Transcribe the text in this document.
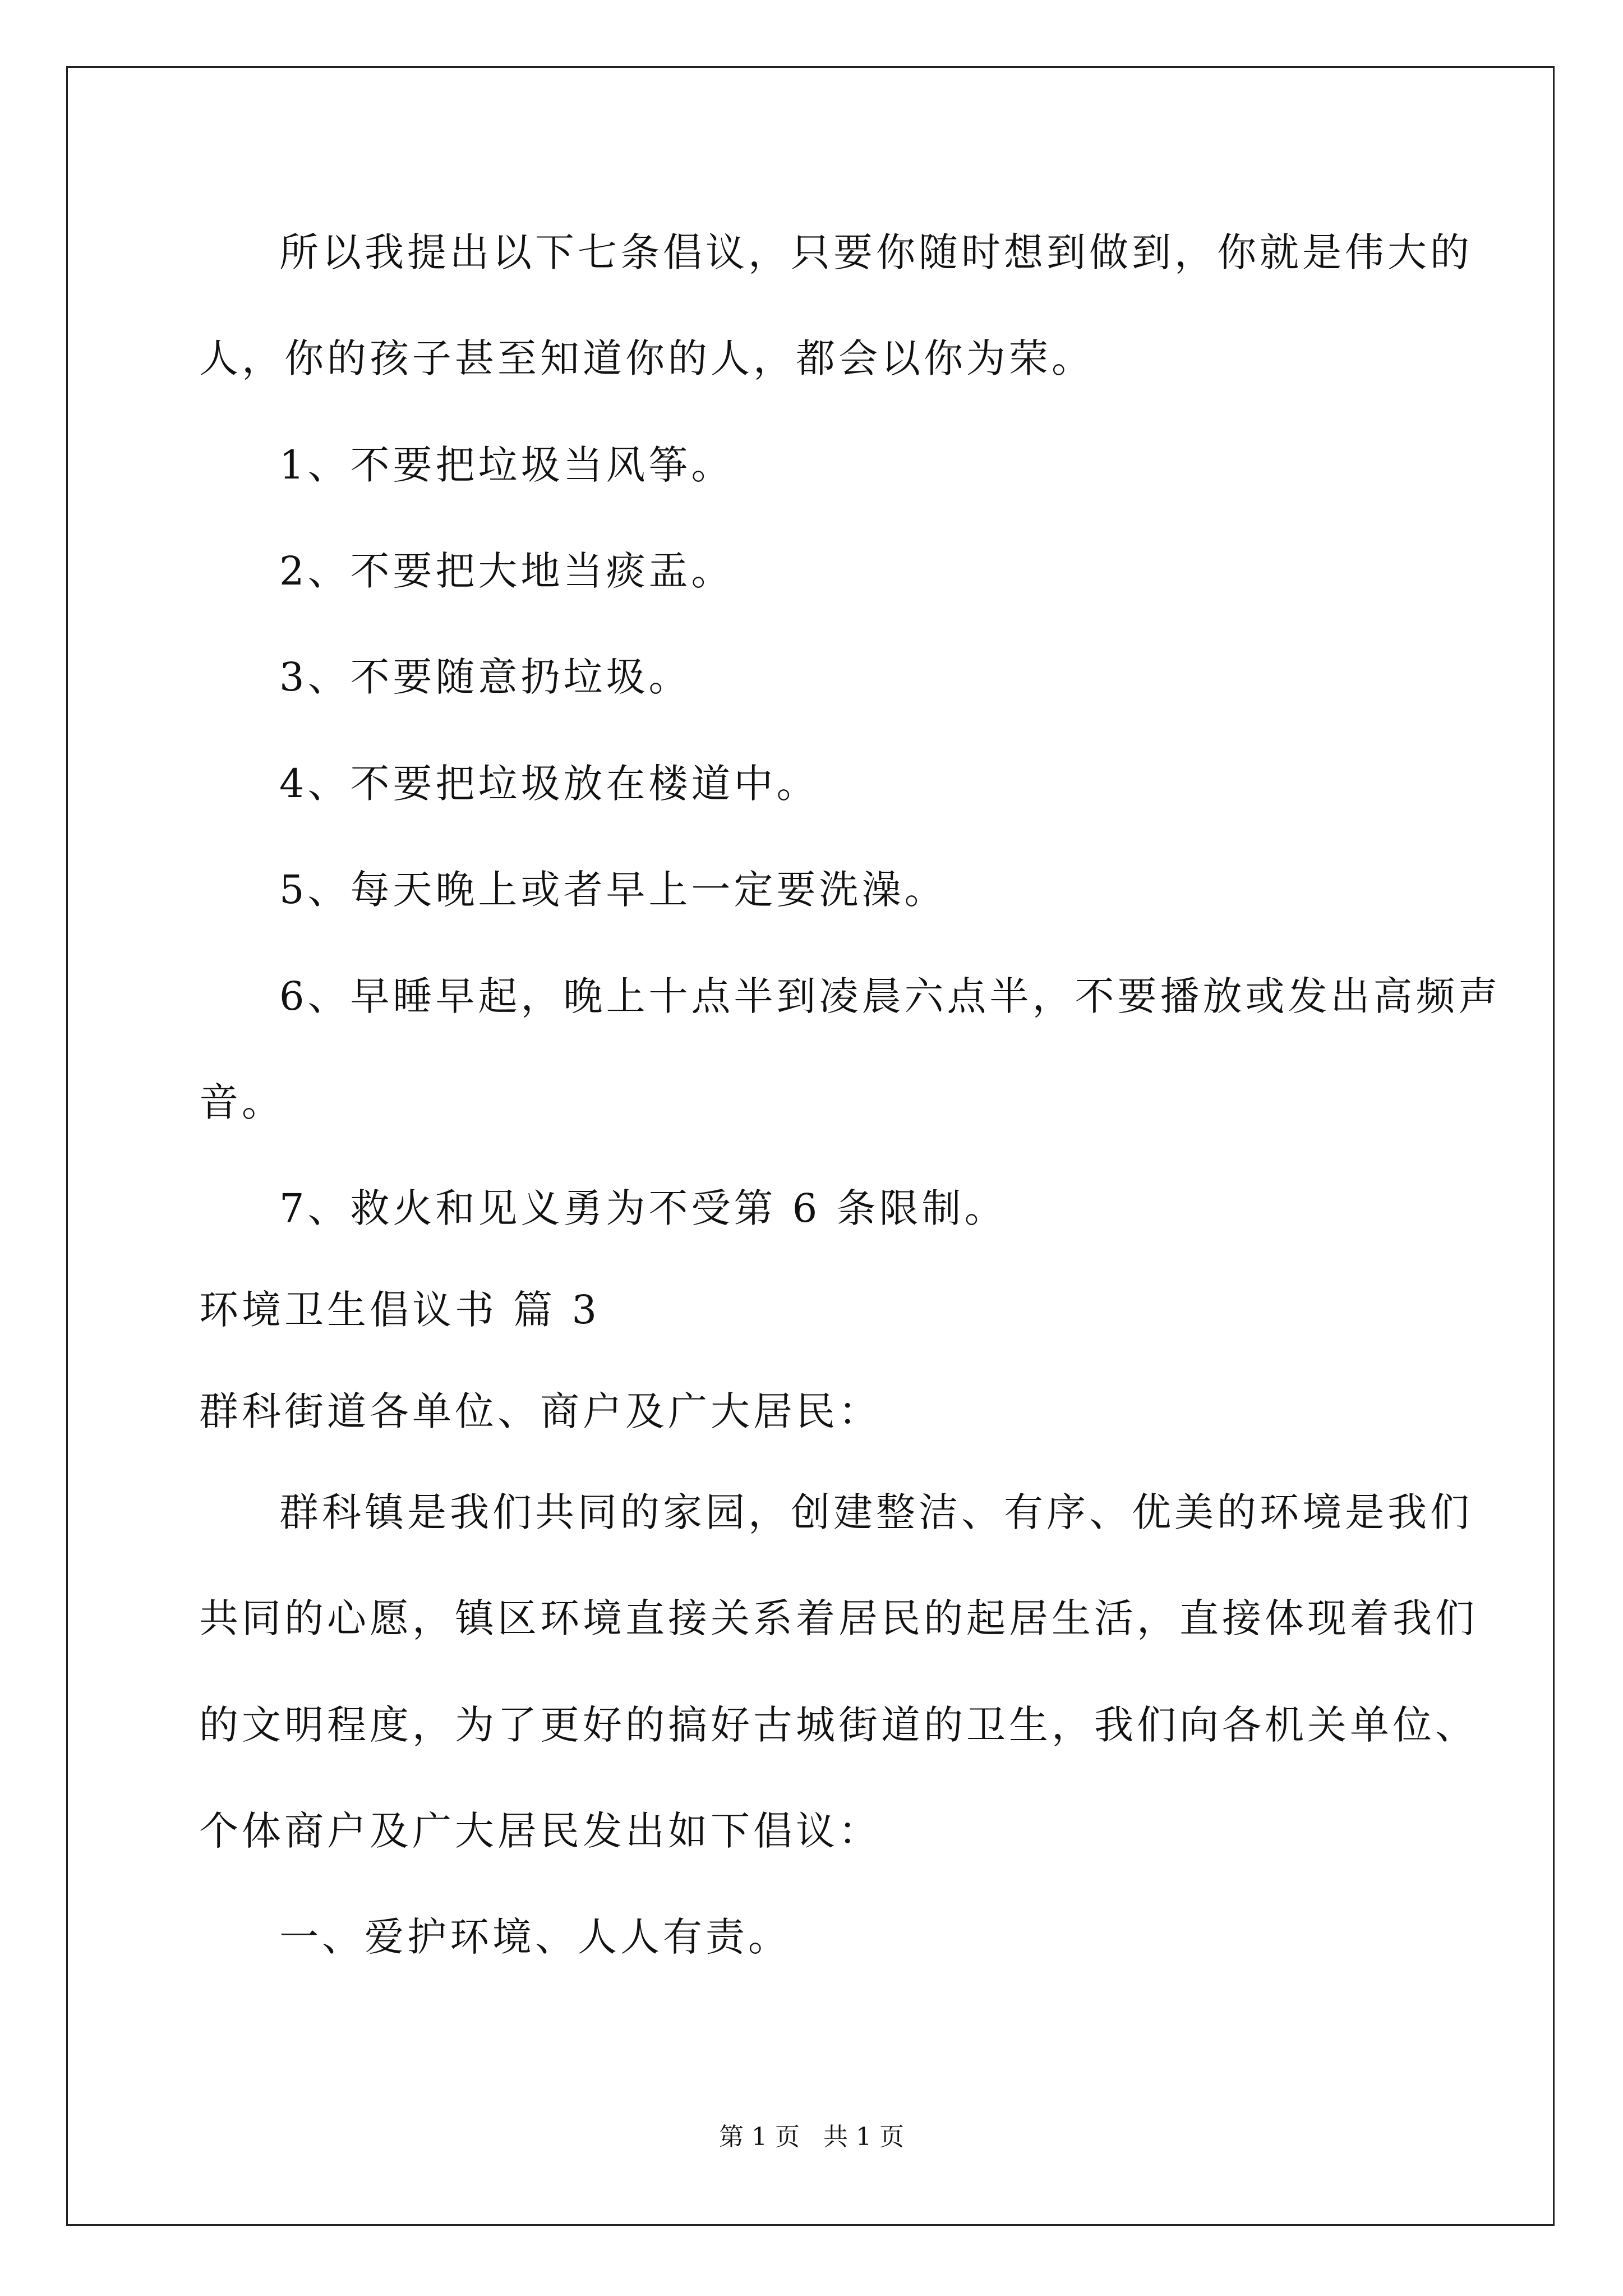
所以我提出以下七条倡议，只要你随时想到做到，你就是伟大的
人，你的孩子甚至知道你的人，都会以你为荣。
1、不要把垃圾当风筝。
2、不要把大地当痰盂。
3、不要随意扔垃圾。
4、不要把垃圾放在楼道中。
5、每天晚上或者早上一定要洗澡。
6、早睡早起，晚上十点半到凌晨六点半，不要播放或发出高频声
音。
7、救火和见义勇为不受第 6 条限制。
环境卫生倡议书 篇 3
群科街道各单位、商户及广大居民：
群科镇是我们共同的家园，创建整洁、有序、优美的环境是我们
共同的心愿，镇区环境直接关系着居民的起居生活，直接体现着我们
的文明程度，为了更好的搞好古城街道的卫生，我们向各机关单位、
个体商户及广大居民发出如下倡议：
一、爱护环境、人人有责。
第 1 页   共 1 页
